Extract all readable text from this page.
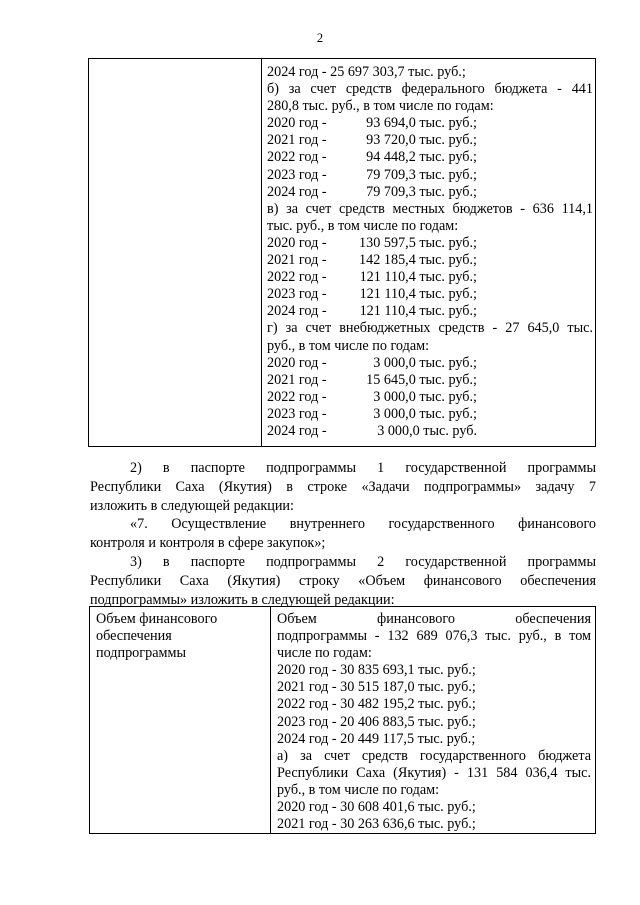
2

2024 год - 25 697 303,7 тыс. руб.;
б) за счет средств федерального бюджета - 441
280,8 тыс. руб., в том числе по годам:
2020 год -	93 694,0 тыс. руб.;
2021 год -	93 720,0 тыс. руб.;
2022 год -	94 448,2 тыс. руб.;
2023 год -	79 709,3 тыс. руб.;
2024 год -	79 709,3 тыс. руб.;
в) за счет средств местных бюджетов - 636 114,1
тыс. руб., в том числе по годам:
2020 год - 130 597,5 тыс. руб.;
2021 год - 142 185,4 тыс. руб.;
2022 год - 121 110,4 тыс. руб.;
2023 год - 121 110,4 тыс. руб.;
2024 год - 121 110,4 тыс. руб.;
г) за счет внебюджетных средств - 27 645,0 тыс.
руб., в том числе по годам:
2020 год -	3 000,0 тыс. руб.;
2021 год -	15 645,0 тыс. руб.;
2022 год -	3 000,0 тыс. руб.;
2023 год -	3 000,0 тыс. руб.;
2024 год -	3 000,0 тыс. руб.
2) в паспорте подпрограммы 1 государственной программы
Республики Саха (Якутия) в строке «Задачи подпрограммы» задачу 7
изложить в следующей редакции:
«7. Осуществление внутреннего государственного финансового
контроля и контроля в сфере закупок»;
3) в паспорте подпрограммы 2 государственной программы
Республики Саха (Якутия) строку «Объем финансового обеспечения
подпрограммы» изложить в следующей редакции:
Объем финансового
обеспечения
подпрограммы

Объем финансового обеспечения
подпрограммы - 132 689 076,3 тыс. руб., в том
числе по годам:
2020 год - 30 835 693,1 тыс. руб.;
2021 год - 30 515 187,0 тыс. руб.;
2022 год - 30 482 195,2 тыс. руб.;
2023 год - 20 406 883,5 тыс. руб.;
2024 год - 20 449 117,5 тыс. руб.;
а) за счет средств государственного бюджета
Республики Саха (Якутия) - 131 584 036,4 тыс.
руб., в том числе по годам:
2020 год - 30 608 401,6 тыс. руб.;
2021 год - 30 263 636,6 тыс. руб.;
